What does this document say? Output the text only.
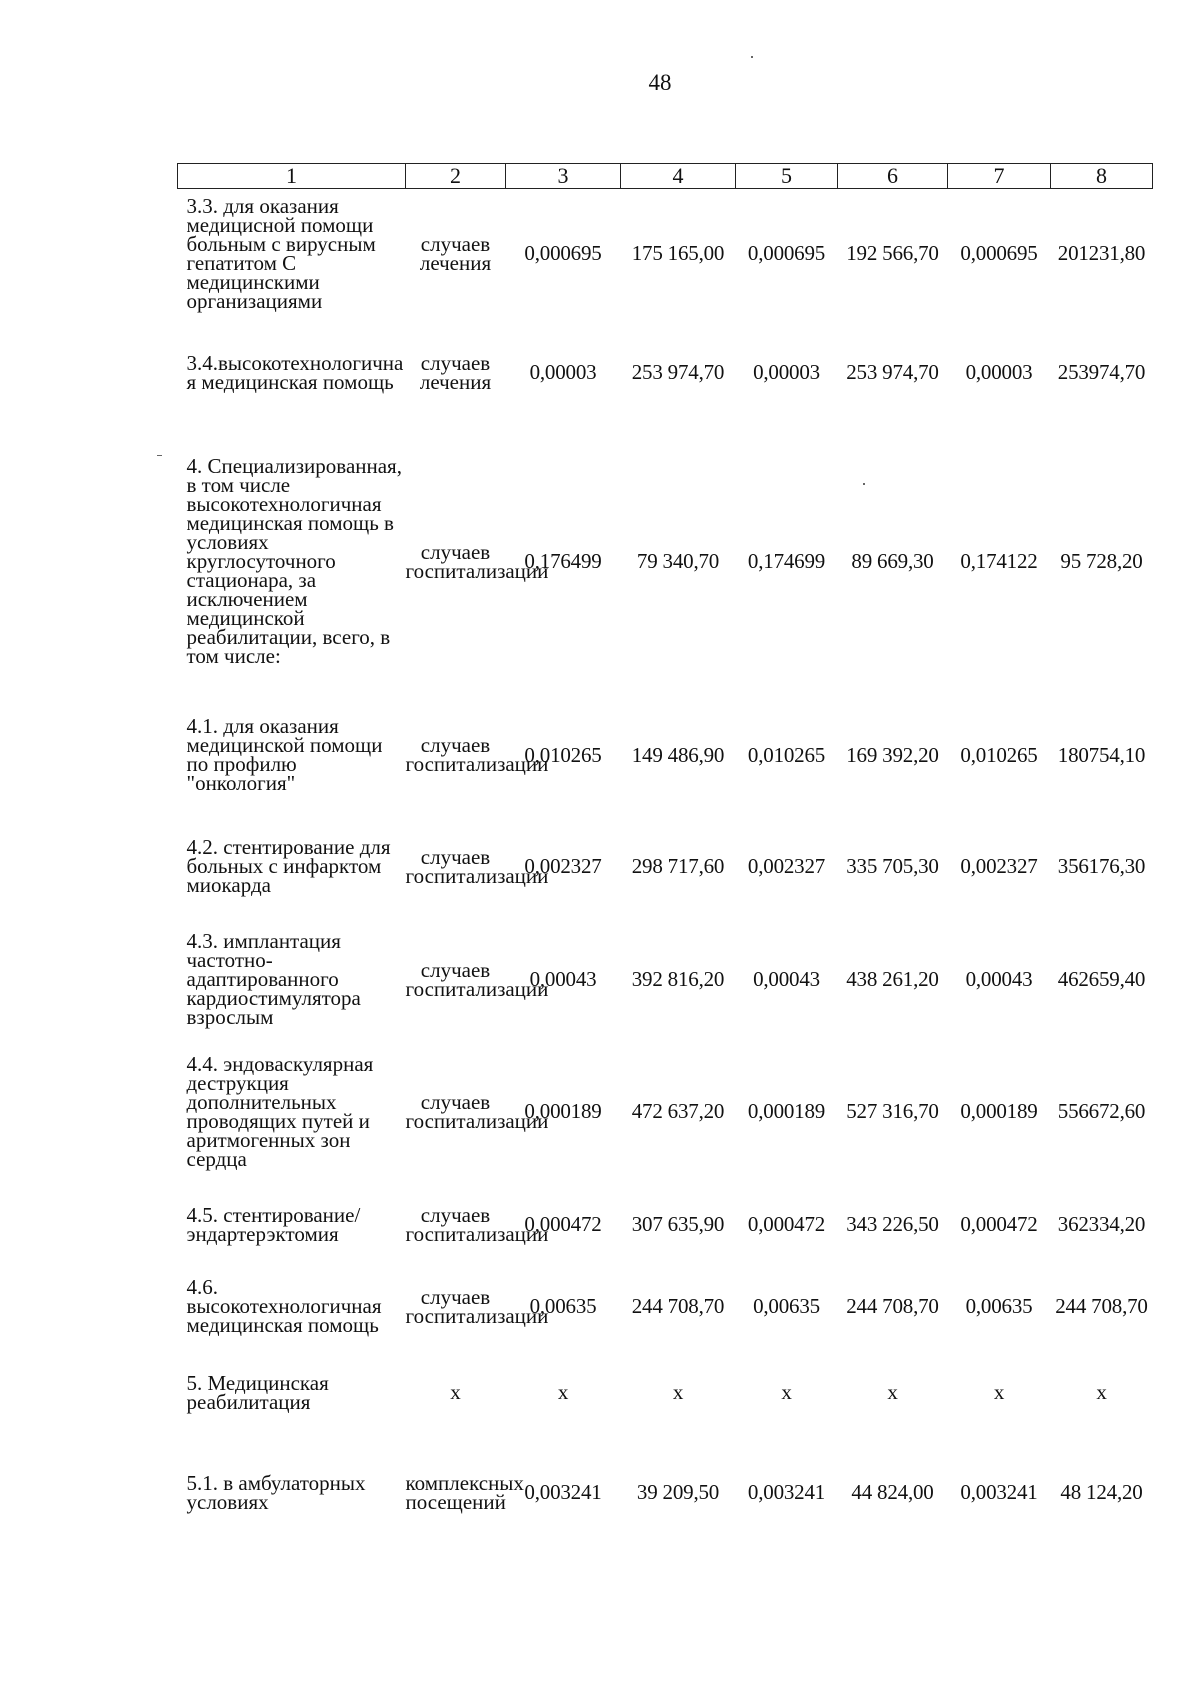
48
1	2	3	4	5	6	7	8
3.3. для оказания медицисной помощи больным с вирусным гепатитом С медицинскими организациями	случаев лечения	0,000695	175 165,00	0,000695	192 566,70	0,000695	201231,80
3.4.высокотехнологичная медицинская помощь	случаев лечения	0,00003	253 974,70	0,00003	253 974,70	0,00003	253974,70
4. Специализированная, в том числе высокотехнологичная медицинская помощь в условиях круглосуточного стационара, за исключением медицинской реабилитации, всего, в том числе:	случаев госпитализации	0,176499	79 340,70	0,174699	89 669,30	0,174122	95 728,20
4.1. для оказания медицинской помощи по профилю "онкология"	случаев госпитализации	0,010265	149 486,90	0,010265	169 392,20	0,010265	180754,10
4.2. стентирование для больных с инфарктом миокарда	случаев госпитализации	0,002327	298 717,60	0,002327	335 705,30	0,002327	356176,30
4.3. имплантация частотно-адаптированного кардиостимулятора взрослым	случаев госпитализации	0,00043	392 816,20	0,00043	438 261,20	0,00043	462659,40
4.4. эндоваскулярная деструкция дополнительных проводящих путей и аритмогенных зон сердца	случаев госпитализации	0,000189	472 637,20	0,000189	527 316,70	0,000189	556672,60
4.5. стентирование/ эндартерэктомия	случаев госпитализации	0,000472	307 635,90	0,000472	343 226,50	0,000472	362334,20
4.6. высокотехнологичная медицинская помощь	случаев госпитализации	0,00635	244 708,70	0,00635	244 708,70	0,00635	244 708,70
5. Медицинская реабилитация	x	x	x	x	x	x	x
5.1. в амбулаторных условиях	комплексных посещений	0,003241	39 209,50	0,003241	44 824,00	0,003241	48 124,20
